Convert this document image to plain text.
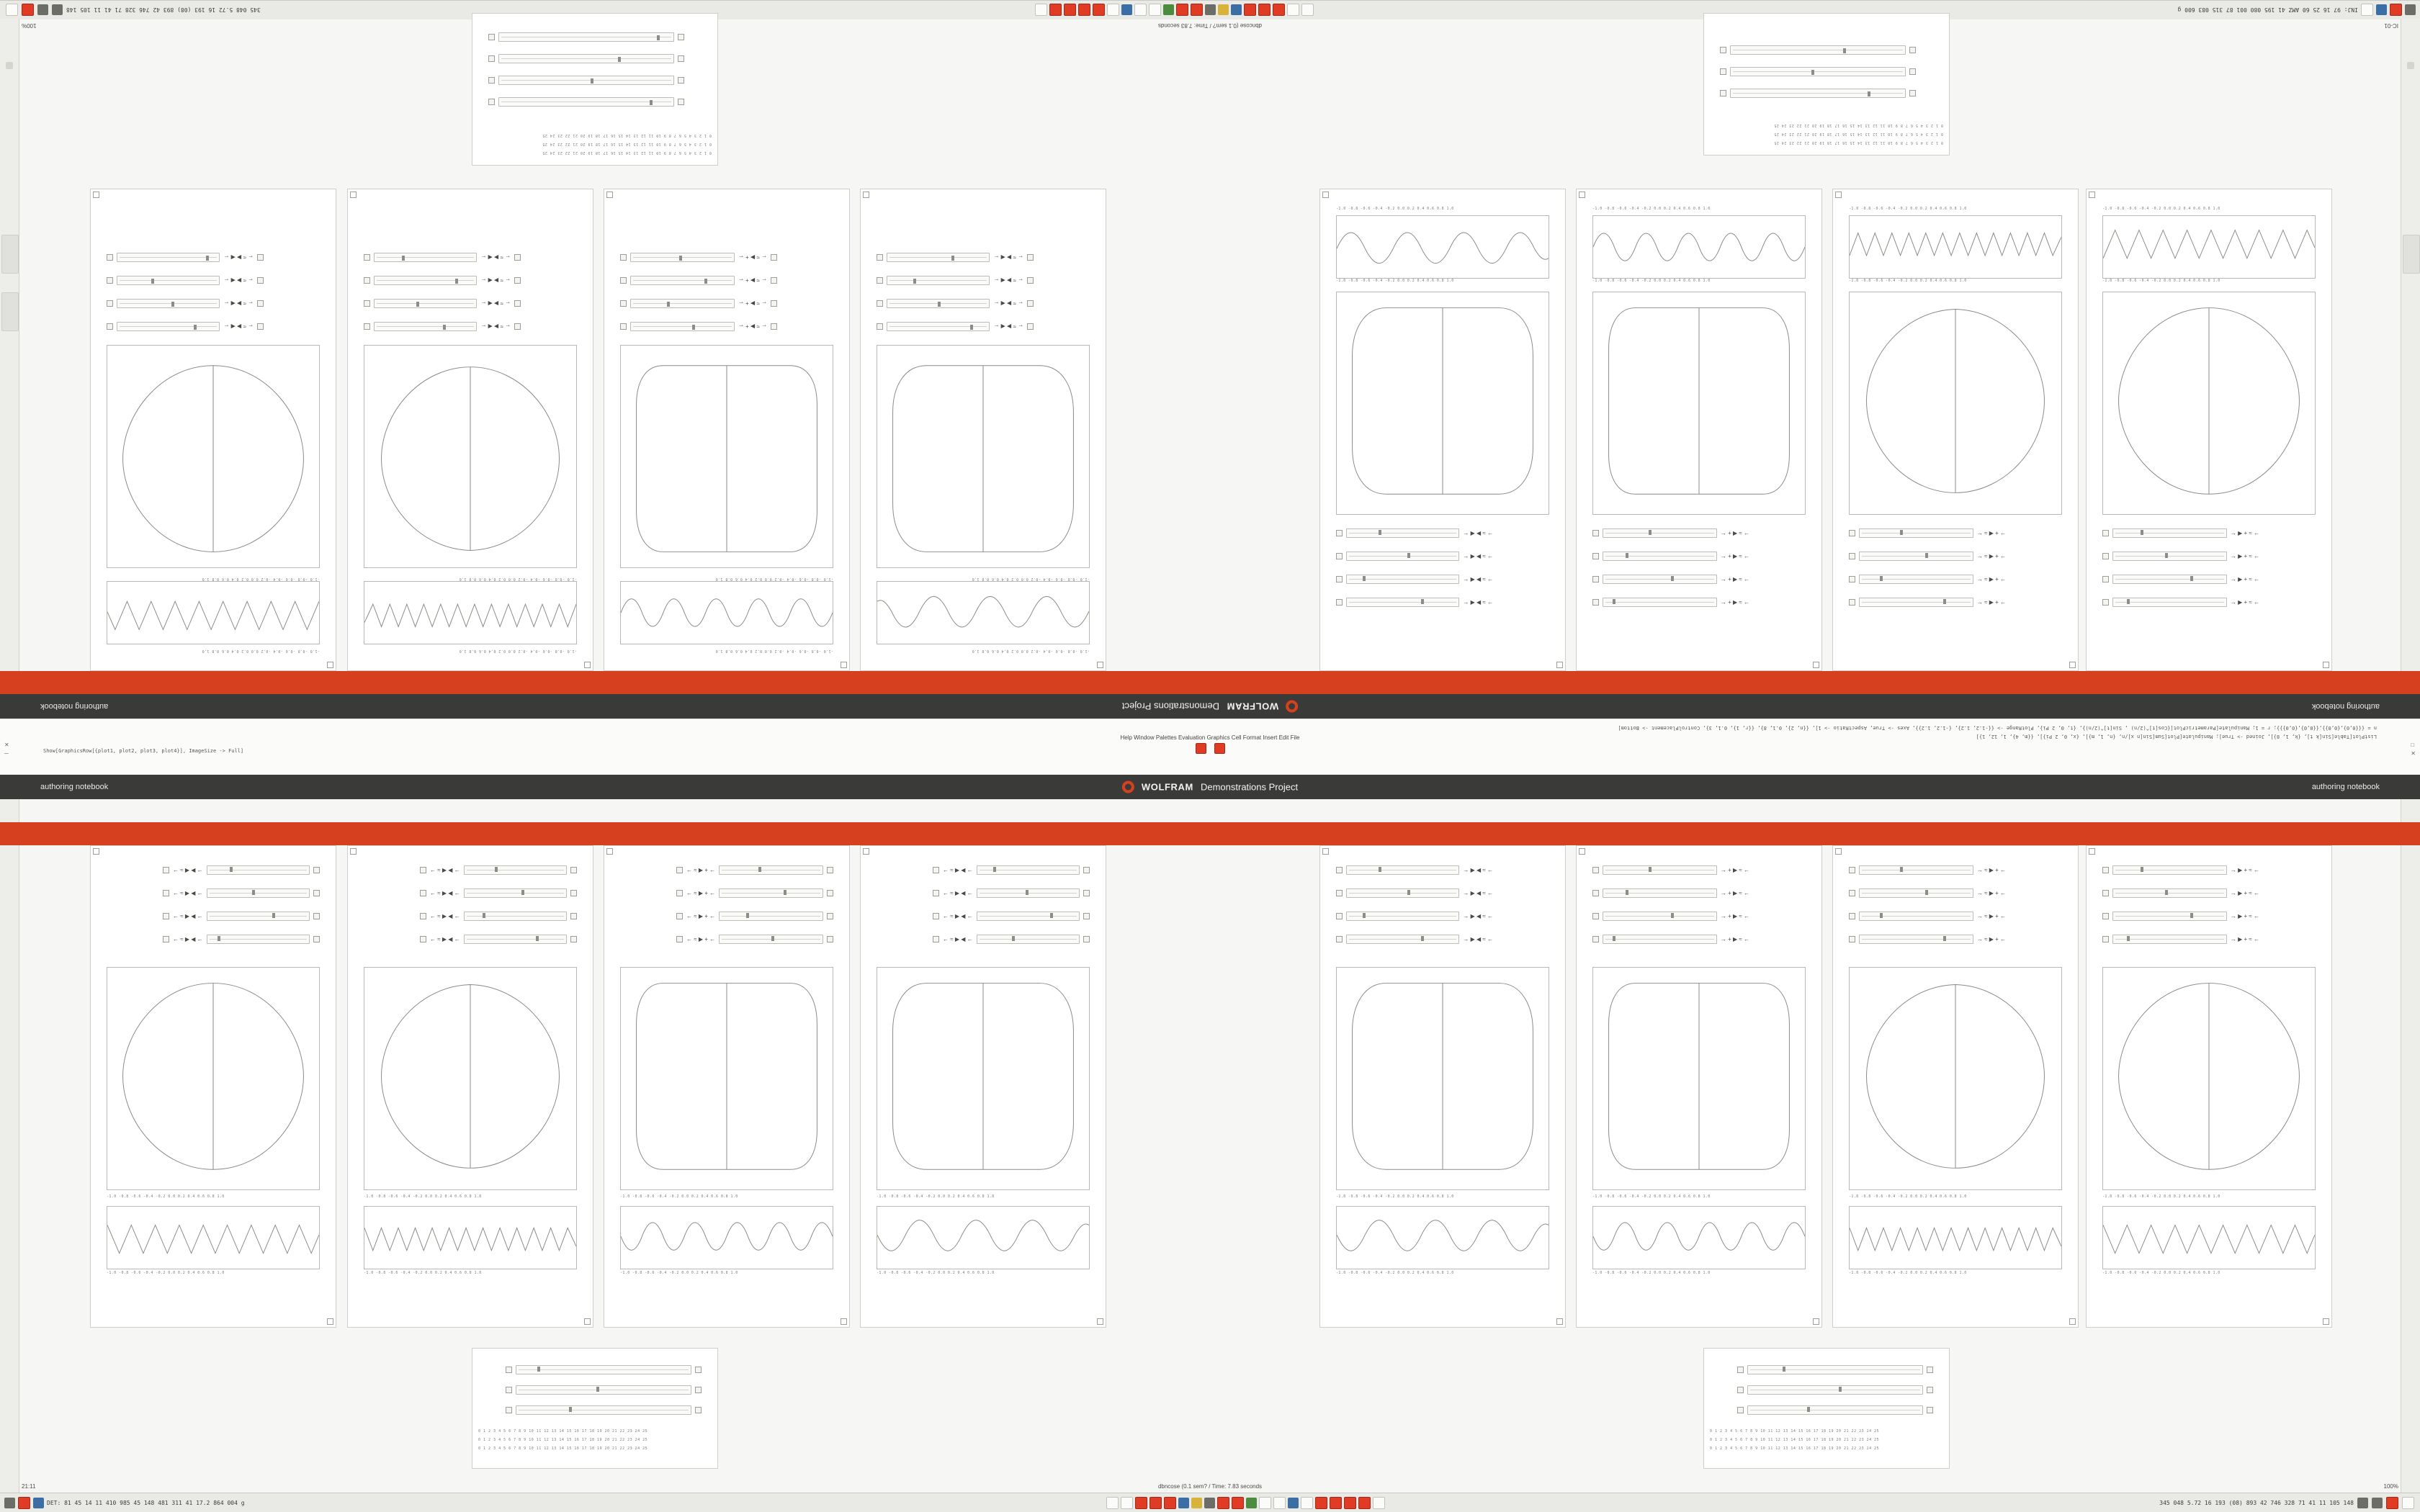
INJ: 97 16 25 60 AMZ 41 195 080 001 87 315 083 600 g
345 048 5.72 16 193 (08) 893 42 746 328 71 41 11 105 148
dbncose (0.1 sem? / Time: 7.83 seconds	IC-01
100%
0 1 2 3 4 5 6 7 8 9 10 11 12 13 14 15 16 17 18 19 20 21 22 23 24 25
0 1 2 3 4 5 6 7 8 9 10 11 12 13 14 15 16 17 18 19 20 21 22 23 24 25
0 1 2 3 4 5 6 7 8 9 10 11 12 13 14 15 16 17 18 19 20 21 22 23 24 25
0 1 2 3 4 5 6 7 8 9 10 11 12 13 14 15 16 17 18 19 20 21 22 23 24 25
0 1 2 3 4 5 6 7 8 9 10 11 12 13 14 15 16 17 18 19 20 21 22 23 24 25
0 1 2 3 4 5 6 7 8 9 10 11 12 13 14 15 16 17 18 19 20 21 22 23 24 25
-1.0 -0.8 -0.6 -0.4 -0.2 0.0 0.2 0.4 0.6 0.8 1.0
-1.0 -0.8 -0.6 -0.4 -0.2 0.0 0.2 0.4 0.6 0.8 1.0
← ≈ ▶ ◀ ←
← ≈ ▶ ◀ ←
← ≈ ▶ ◀ ←
← ≈ ▶ ◀ ←
-1.0 -0.8 -0.6 -0.4 -0.2 0.0 0.2 0.4 0.6 0.8 1.0
-1.0 -0.8 -0.6 -0.4 -0.2 0.0 0.2 0.4 0.6 0.8 1.0
← ≈ ▶ ◀ ←
← ≈ ▶ ◀ ←
← ≈ ▶ ◀ ←
← ≈ ▶ ◀ ←
-1.0 -0.8 -0.6 -0.4 -0.2 0.0 0.2 0.4 0.6 0.8 1.0
-1.0 -0.8 -0.6 -0.4 -0.2 0.0 0.2 0.4 0.6 0.8 1.0
← ≈ ▶ + ←
← ≈ ▶ + ←
← ≈ ▶ + ←
← ≈ ▶ + ←
-1.0 -0.8 -0.6 -0.4 -0.2 0.0 0.2 0.4 0.6 0.8 1.0
-1.0 -0.8 -0.6 -0.4 -0.2 0.0 0.2 0.4 0.6 0.8 1.0
← ≈ ▶ ◀ ←
← ≈ ▶ ◀ ←
← ≈ ▶ ◀ ←
← ≈ ▶ ◀ ←
-1.0 -0.8 -0.6 -0.4 -0.2 0.0 0.2 0.4 0.6 0.8 1.0
-1.0 -0.8 -0.6 -0.4 -0.2 0.0 0.2 0.4 0.6 0.8 1.0
→ ▶ ◀ ≈ ←
→ ▶ ◀ ≈ ←
→ ▶ ◀ ≈ ←
→ ▶ ◀ ≈ ←
-1.0 -0.8 -0.6 -0.4 -0.2 0.0 0.2 0.4 0.6 0.8 1.0
-1.0 -0.8 -0.6 -0.4 -0.2 0.0 0.2 0.4 0.6 0.8 1.0
→ + ▶ ≈ ←
→ + ▶ ≈ ←
→ + ▶ ≈ ←
→ + ▶ ≈ ←
-1.0 -0.8 -0.6 -0.4 -0.2 0.0 0.2 0.4 0.6 0.8 1.0
-1.0 -0.8 -0.6 -0.4 -0.2 0.0 0.2 0.4 0.6 0.8 1.0
→ ≈ ▶ + ←
→ ≈ ▶ + ←
→ ≈ ▶ + ←
→ ≈ ▶ + ←
-1.0 -0.8 -0.6 -0.4 -0.2 0.0 0.2 0.4 0.6 0.8 1.0
-1.0 -0.8 -0.6 -0.4 -0.2 0.0 0.2 0.4 0.6 0.8 1.0
→ ▶ + ≈ ←
→ ▶ + ≈ ←
→ ▶ + ≈ ←
→ ▶ + ≈ ←
authoring notebook
WOLFRAM
Demonstrations Project
authoring notebook
n = {{{0,0},{0,0}},{{0,0},{0,0}}}; r = 1; Manipulate[ParametricPlot[{Cos[t]^(2/n) , Sin[t]^(2/n)}, {t, 0, 2 Pi}, PlotRange -> {{-1.2, 1.2}, {-1.2, 1.2}}, Axes -> True, AspectRatio -> 1], {{n, 2}, 0.1, 8}, {{r, 1}, 0.1, 3}, ControlPlacement -> Bottom]
ListPlot[Table[Sin[k t], {k, 1, 8}], Joined -> True]; Manipulate[Plot[Sum[Sin[n x]/n, {n, 1, m}], {x, 0, 2 Pi}], {{m, 4}, 1, 12, 1}]
Show[GraphicsRow[{plot1, plot2, plot3, plot4}], ImageSize -> Full]
Help Window Palettes Evaluation Graphics Cell Format Insert Edit File
✕
─
□
✕
authoring notebook	WOLFRAM Demonstrations Project	authoring notebook
← ≈ ▶ ◀ ←
← ≈ ▶ ◀ ←
← ≈ ▶ ◀ ←
← ≈ ▶ ◀ ←
-1.0 -0.8 -0.6 -0.4 -0.2 0.0 0.2 0.4 0.6 0.8 1.0
-1.0 -0.8 -0.6 -0.4 -0.2 0.0 0.2 0.4 0.6 0.8 1.0
← ≈ ▶ ◀ ←
← ≈ ▶ ◀ ←
← ≈ ▶ ◀ ←
← ≈ ▶ ◀ ←
-1.0 -0.8 -0.6 -0.4 -0.2 0.0 0.2 0.4 0.6 0.8 1.0
-1.0 -0.8 -0.6 -0.4 -0.2 0.0 0.2 0.4 0.6 0.8 1.0
← ≈ ▶ + ←
← ≈ ▶ + ←
← ≈ ▶ + ←
← ≈ ▶ + ←
-1.0 -0.8 -0.6 -0.4 -0.2 0.0 0.2 0.4 0.6 0.8 1.0
-1.0 -0.8 -0.6 -0.4 -0.2 0.0 0.2 0.4 0.6 0.8 1.0
← ≈ ▶ ◀ ←
← ≈ ▶ ◀ ←
← ≈ ▶ ◀ ←
← ≈ ▶ ◀ ←
-1.0 -0.8 -0.6 -0.4 -0.2 0.0 0.2 0.4 0.6 0.8 1.0
-1.0 -0.8 -0.6 -0.4 -0.2 0.0 0.2 0.4 0.6 0.8 1.0
→ ▶ ◀ ≈ ←
→ ▶ ◀ ≈ ←
→ ▶ ◀ ≈ ←
→ ▶ ◀ ≈ ←
-1.0 -0.8 -0.6 -0.4 -0.2 0.0 0.2 0.4 0.6 0.8 1.0
-1.0 -0.8 -0.6 -0.4 -0.2 0.0 0.2 0.4 0.6 0.8 1.0
→ + ▶ ≈ ←
→ + ▶ ≈ ←
→ + ▶ ≈ ←
→ + ▶ ≈ ←
-1.0 -0.8 -0.6 -0.4 -0.2 0.0 0.2 0.4 0.6 0.8 1.0
-1.0 -0.8 -0.6 -0.4 -0.2 0.0 0.2 0.4 0.6 0.8 1.0
→ ≈ ▶ + ←
→ ≈ ▶ + ←
→ ≈ ▶ + ←
→ ≈ ▶ + ←
-1.0 -0.8 -0.6 -0.4 -0.2 0.0 0.2 0.4 0.6 0.8 1.0
-1.0 -0.8 -0.6 -0.4 -0.2 0.0 0.2 0.4 0.6 0.8 1.0
→ ▶ + ≈ ←
→ ▶ + ≈ ←
→ ▶ + ≈ ←
→ ▶ + ≈ ←
-1.0 -0.8 -0.6 -0.4 -0.2 0.0 0.2 0.4 0.6 0.8 1.0
-1.0 -0.8 -0.6 -0.4 -0.2 0.0 0.2 0.4 0.6 0.8 1.0
0 1 2 3 4 5 6 7 8 9 10 11 12 13 14 15 16 17 18 19 20 21 22 23 24 25
0 1 2 3 4 5 6 7 8 9 10 11 12 13 14 15 16 17 18 19 20 21 22 23 24 25
0 1 2 3 4 5 6 7 8 9 10 11 12 13 14 15 16 17 18 19 20 21 22 23 24 25
0 1 2 3 4 5 6 7 8 9 10 11 12 13 14 15 16 17 18 19 20 21 22 23 24 25
0 1 2 3 4 5 6 7 8 9 10 11 12 13 14 15 16 17 18 19 20 21 22 23 24 25
0 1 2 3 4 5 6 7 8 9 10 11 12 13 14 15 16 17 18 19 20 21 22 23 24 25
dbncose (0.1 sem? / Time: 7.83 seconds
21:11	100%
DET: 81 45 14 11 410 985 45 148 481 311 41 17.2 864 004 g	345 048 5.72 16 193 (08) 893 42 746 328 71 41 11 105 148
